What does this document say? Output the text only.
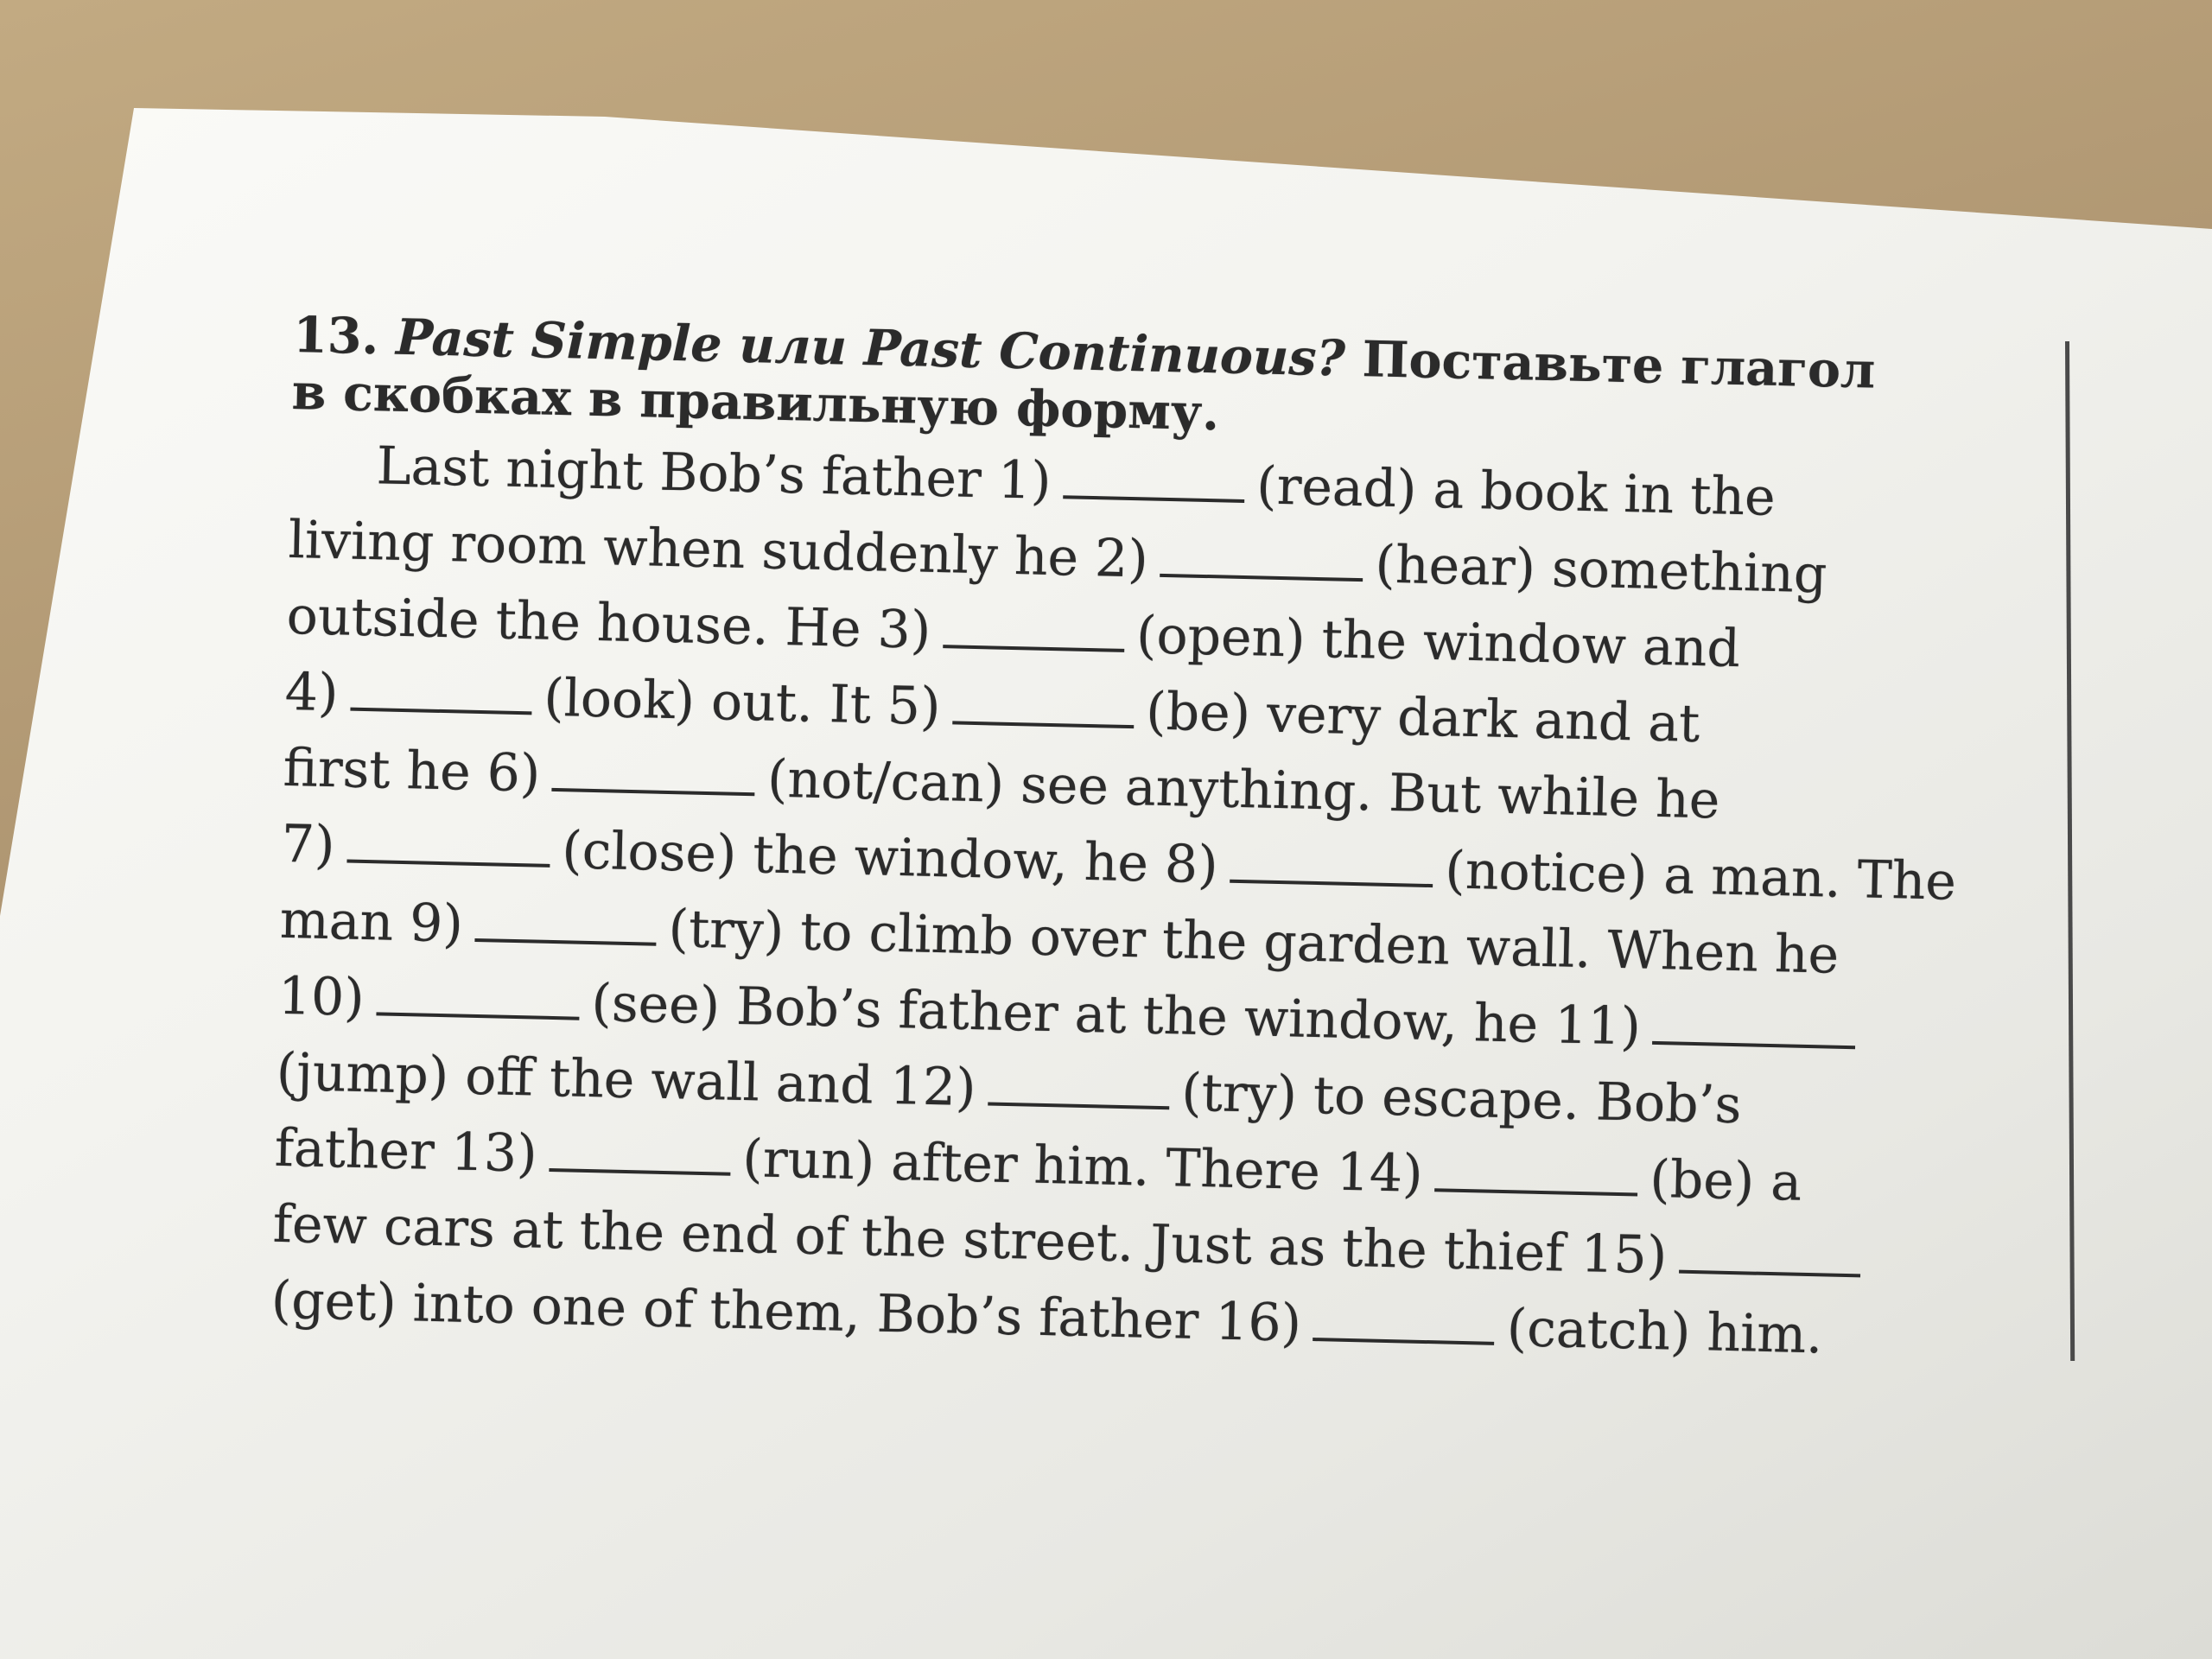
13. Past Simple или Past Continuous? Поставьте глагол
в скобках в правильную форму.

Last night Bob’s father 1)	(read) a book in the
living room when suddenly he 2)	(hear) something
outside the house. He 3)	(open) the window and
4)	(look) out. It 5)	(be) very dark and at
first he 6)	(not/can) see anything. But while he
7)	(close) the window, he 8)	(notice) a man. The
man 9)	(try) to climb over the garden wall. When he
10)	(see) Bob’s father at the window, he 11)
(jump) off the wall and 12)	(try) to escape. Bob’s
father 13)	(run) after him. There 14)	(be) a
few cars at the end of the street. Just as the thief 15)
(get) into one of them, Bob’s father 16)	(catch) him.
